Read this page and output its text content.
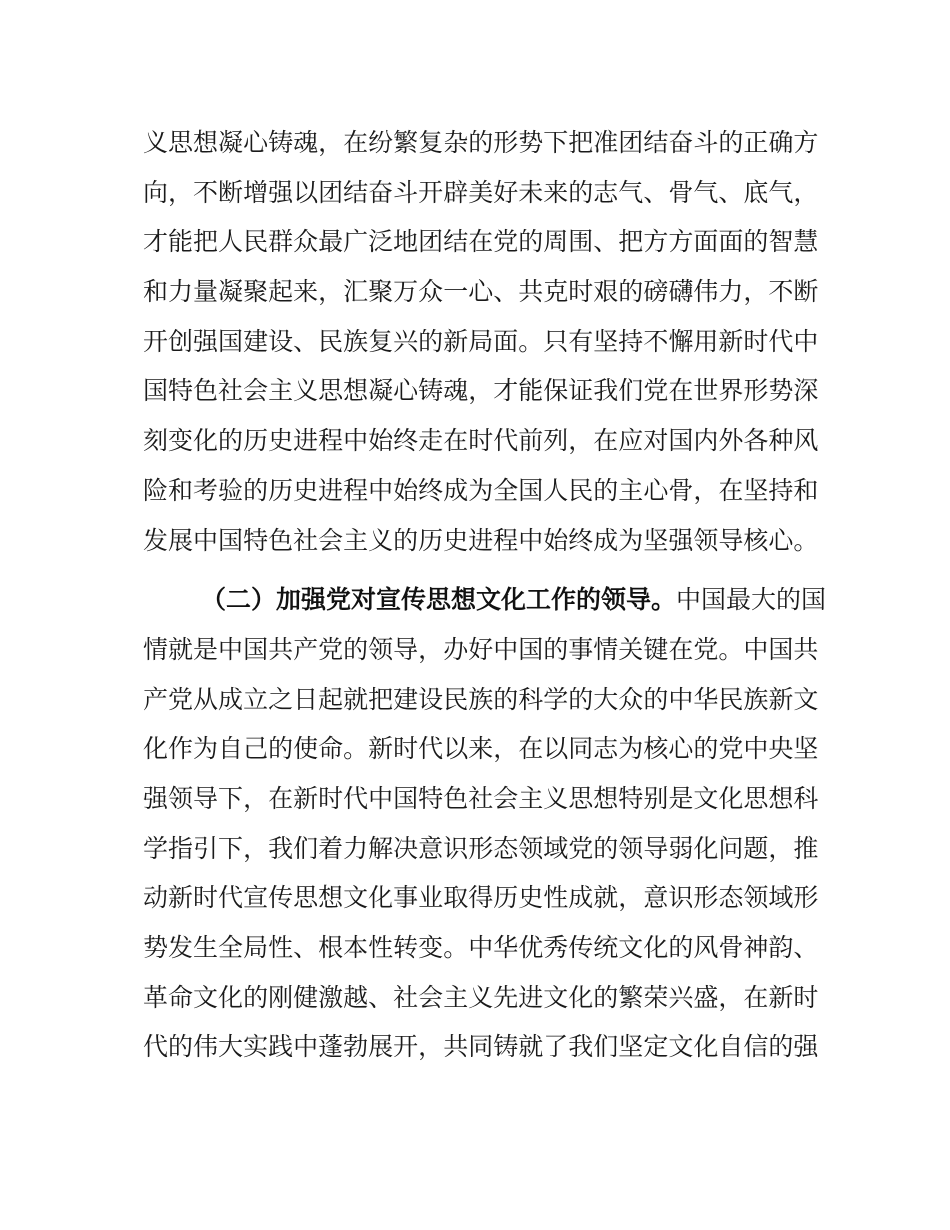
义 思 想 凝 心 铸 魂 ， 在 纷 繁 复 杂 的 形 势 下 把 准 团 结 奋 斗 的 正 确 方
向 ， 不 断 增 强 以 团 结 奋 斗 开 辟 美 好 未 来 的 志 气 、 骨 气 、 底 气 ，
才 能 把 人 民 群 众 最 广 泛 地 团 结 在 党 的 周 围 、 把 方 方 面 面 的 智 慧
和 力 量 凝 聚 起 来 ， 汇 聚 万 众 一 心 、 共 克 时 艰 的 磅 礴 伟 力 ， 不 断
开 创 强 国 建 设 、 民 族 复 兴 的 新 局 面 。 只 有 坚 持 不 懈 用 新 时 代 中
国 特 色 社 会 主 义 思 想 凝 心 铸 魂 ， 才 能 保 证 我 们 党 在 世 界 形 势 深
刻 变 化 的 历 史 进 程 中 始 终 走 在 时 代 前 列 ， 在 应 对 国 内 外 各 种 风
险 和 考 验 的 历 史 进 程 中 始 终 成 为 全 国 人 民 的 主 心 骨 ， 在 坚 持 和
发 展 中 国 特 色 社 会 主 义 的 历 史 进 程 中 始 终 成 为 坚 强 领 导 核 心 。
（二）加强党对宣传思想文化工作的领导。中国最大的国
情 就 是 中 国 共 产 党 的 领 导 ， 办 好 中 国 的 事 情 关 键 在 党 。 中 国 共
产 党 从 成 立 之 日 起 就 把 建 设 民 族 的 科 学 的 大 众 的 中 华 民 族 新 文
化 作 为 自 己 的 使 命 。 新 时 代 以 来 ， 在 以 同 志 为 核 心 的 党 中 央 坚
强 领 导 下 ， 在 新 时 代 中 国 特 色 社 会 主 义 思 想 特 别 是 文 化 思 想 科
学 指 引 下 ， 我 们 着 力 解 决 意 识 形 态 领 域 党 的 领 导 弱 化 问 题 ， 推
动 新 时 代 宣 传 思 想 文 化 事 业 取 得 历 史 性 成 就 ， 意 识 形 态 领 域 形
势 发 生 全 局 性 、 根 本 性 转 变 。 中 华 优 秀 传 统 文 化 的 风 骨 神 韵 、
革 命 文 化 的 刚 健 激 越 、 社 会 主 义 先 进 文 化 的 繁 荣 兴 盛 ， 在 新 时
代 的 伟 大 实 践 中 蓬 勃 展 开 ， 共 同 铸 就 了 我 们 坚 定 文 化 自 信 的 强
